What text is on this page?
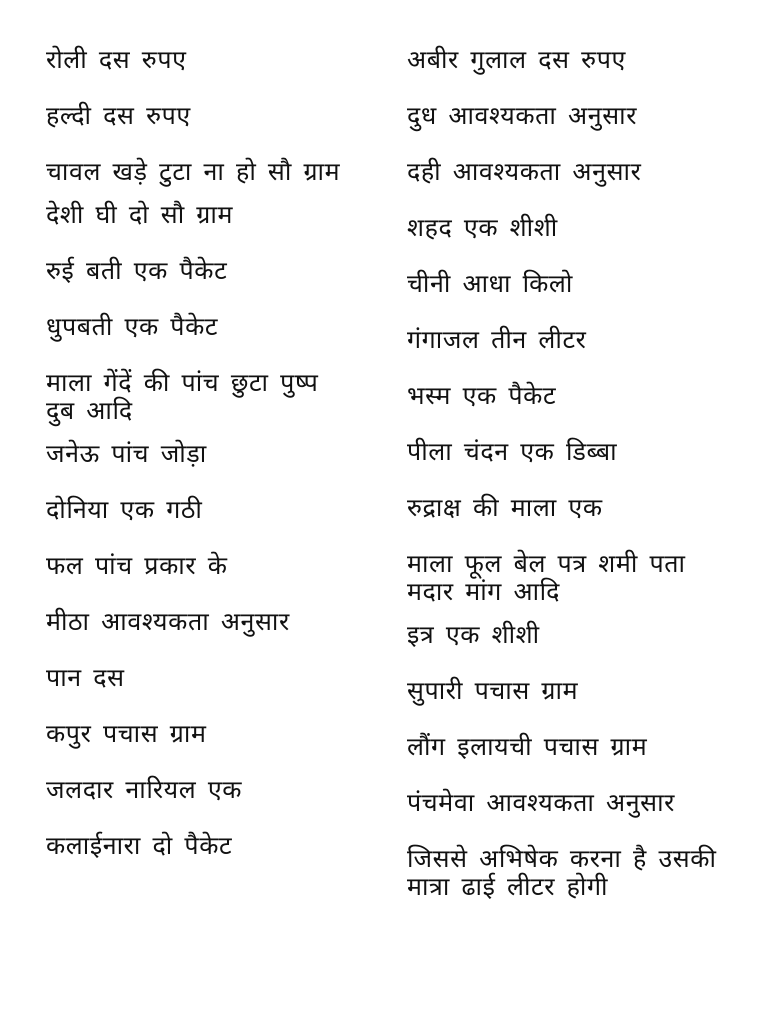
रोली दस रुपए
हल्दी दस रुपए
चावल खड़े टुटा ना हो सौ ग्राम
देशी घी दो सौ ग्राम
रुई बती एक पैकेट
धुपबती एक पैकेट
माला गेंदें की पांच छुटा पुष्प दुब आदि
जनेऊ पांच जोड़ा
दोनिया एक गठी
फल पांच प्रकार के
मीठा आवश्यकता अनुसार
पान दस
कपुर पचास ग्राम
जलदार नारियल एक
कलाईनारा दो पैकेट
अबीर गुलाल दस रुपए
दुध आवश्यकता अनुसार
दही आवश्यकता अनुसार
शहद एक शीशी
चीनी आधा किलो
गंगाजल तीन लीटर
भस्म एक पैकेट
पीला चंदन एक डिब्बा
रुद्राक्ष की माला एक
माला फूल बेल पत्र शमी पता मदार मांग आदि
इत्र एक शीशी
सुपारी पचास ग्राम
लौंग इलायची पचास ग्राम
पंचमेवा आवश्यकता अनुसार
जिससे अभिषेक करना है उसकी मात्रा ढाई लीटर होगी
